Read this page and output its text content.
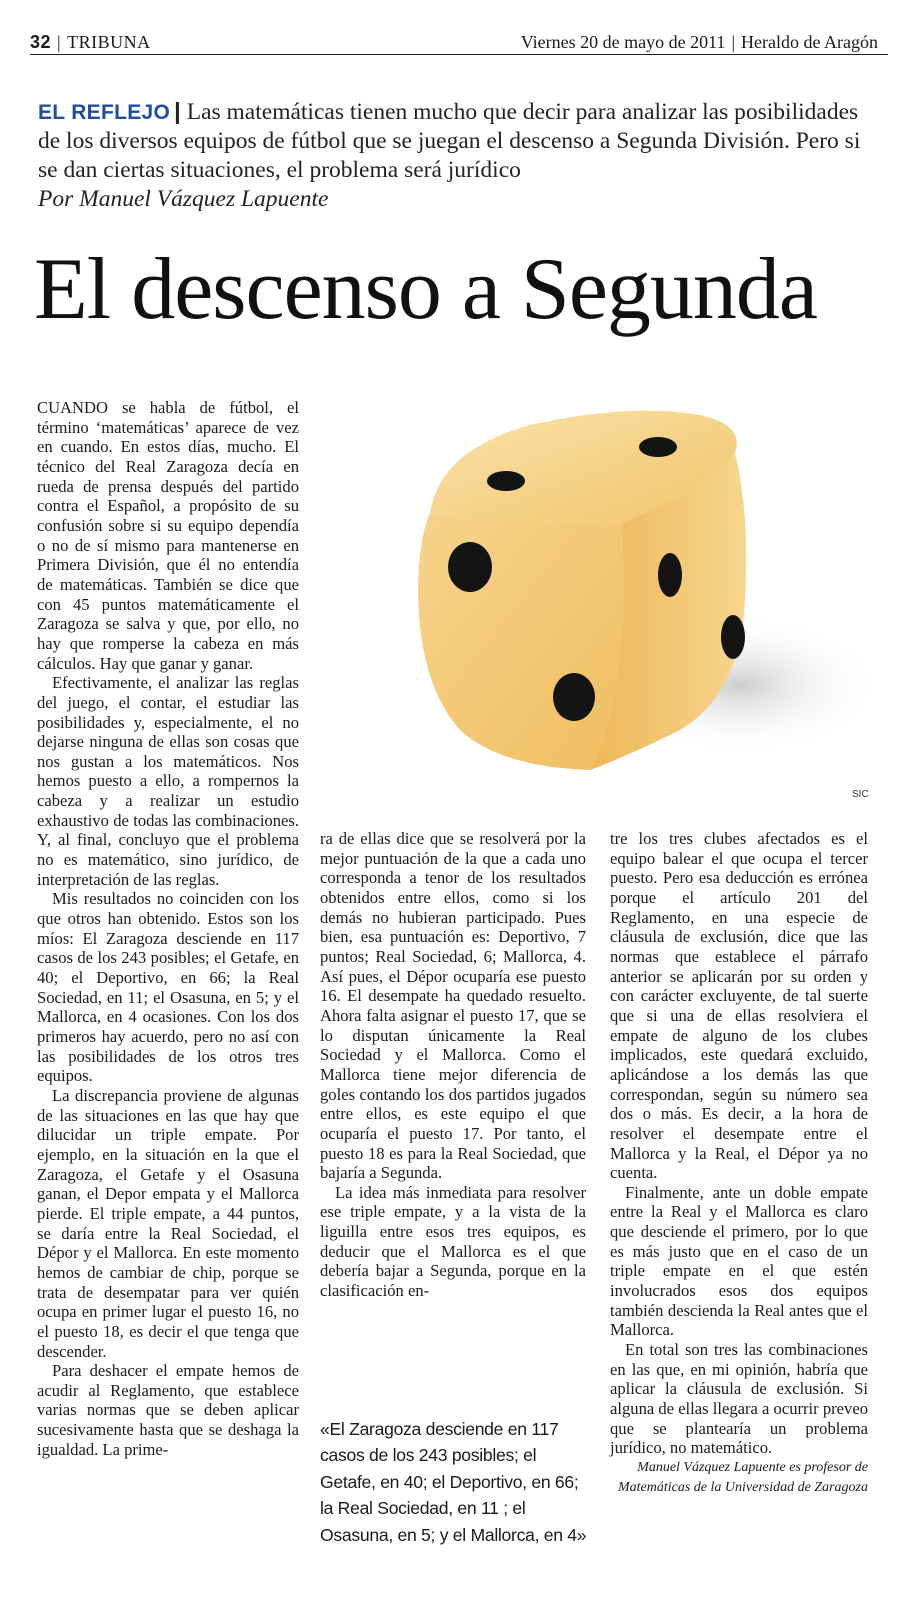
32 | TRIBUNA	Viernes 20 de mayo de 2011 | Heraldo de Aragón
EL REFLEJO | Las matemáticas tienen mucho que decir para analizar las posibilidades de los diversos equipos de fútbol que se juegan el descenso a Segunda División. Pero si se dan ciertas situaciones, el problema será jurídico
Por Manuel Vázquez Lapuente
El descenso a Segunda
SIC

CUANDO se habla de fútbol, el término ‘matemáticas’ aparece de vez en cuando. En estos días, mucho. El técnico del Real Zaragoza decía en rueda de prensa después del partido contra el Español, a propósito de su confusión sobre si su equipo dependía o no de sí mismo para mantenerse en Primera División, que él no entendía de matemáticas. También se dice que con 45 puntos matemáticamente el Zaragoza se salva y que, por ello, no hay que romperse la cabeza en más cálculos. Hay que ganar y ganar.

Efectivamente, el analizar las reglas del juego, el contar, el estudiar las posibilidades y, especialmente, el no dejarse ninguna de ellas son cosas que nos gustan a los matemáticos. Nos hemos puesto a ello, a rompernos la cabeza y a realizar un estudio exhaustivo de todas las combinaciones. Y, al final, concluyo que el problema no es matemático, sino jurídico, de interpretación de las reglas.

Mis resultados no coinciden con los que otros han obtenido. Estos son los míos: El Zaragoza desciende en 117 casos de los 243 posibles; el Getafe, en 40; el Deportivo, en 66; la Real Sociedad, en 11; el Osasuna, en 5; y el Mallorca, en 4 ocasiones. Con los dos primeros hay acuerdo, pero no así con las posibilidades de los otros tres equipos.

La discrepancia proviene de algunas de las situaciones en las que hay que dilucidar un triple empate. Por ejemplo, en la situación en la que el Zaragoza, el Getafe y el Osasuna ganan, el Depor empata y el Mallorca pierde. El triple empate, a 44 puntos, se daría entre la Real Sociedad, el Dépor y el Mallorca. En este momento hemos de cambiar de chip, porque se trata de desempatar para ver quién ocupa en primer lugar el puesto 16, no el puesto 18, es decir el que tenga que descender.

Para deshacer el empate hemos de acudir al Reglamento, que establece varias normas que se deben aplicar sucesivamente hasta que se deshaga la igualdad. La prime-

ra de ellas dice que se resolverá por la mejor puntuación de la que a cada uno corresponda a tenor de los resultados obtenidos entre ellos, como si los demás no hubieran participado. Pues bien, esa puntuación es: Deportivo, 7 puntos; Real Sociedad, 6; Mallorca, 4. Así pues, el Dépor ocuparía ese puesto 16. El desempate ha quedado resuelto. Ahora falta asignar el puesto 17, que se lo disputan únicamente la Real Sociedad y el Mallorca. Como el Mallorca tiene mejor diferencia de goles contando los dos partidos jugados entre ellos, es este equipo el que ocuparía el puesto 17. Por tanto, el puesto 18 es para la Real Sociedad, que bajaría a Segunda.

La idea más inmediata para resolver ese triple empate, y a la vista de la liguilla entre esos tres equipos, es deducir que el Mallorca es el que debería bajar a Segunda, porque en la clasificación en-

«El Zaragoza desciende en 117 casos de los 243 posibles; el Getafe, en 40; el Deportivo, en 66; la Real Sociedad, en 11 ; el Osasuna, en 5; y el Mallorca, en 4»

tre los tres clubes afectados es el equipo balear el que ocupa el tercer puesto. Pero esa deducción es errónea porque el artículo 201 del Reglamento, en una especie de cláusula de exclusión, dice que las normas que establece el párrafo anterior se aplicarán por su orden y con carácter excluyente, de tal suerte que si una de ellas resolviera el empate de alguno de los clubes implicados, este quedará excluido, aplicándose a los demás las que correspondan, según su número sea dos o más. Es decir, a la hora de resolver el desempate entre el Mallorca y la Real, el Dépor ya no cuenta.

Finalmente, ante un doble empate entre la Real y el Mallorca es claro que desciende el primero, por lo que es más justo que en el caso de un triple empate en el que estén involucrados esos dos equipos también descienda la Real antes que el Mallorca.

En total son tres las combinaciones en las que, en mi opinión, habría que aplicar la cláusula de exclusión. Si alguna de ellas llegara a ocurrir preveo que se plantearía un problema jurídico, no matemático.

Manuel Vázquez Lapuente es profesor de Matemáticas de la Universidad de Zaragoza
